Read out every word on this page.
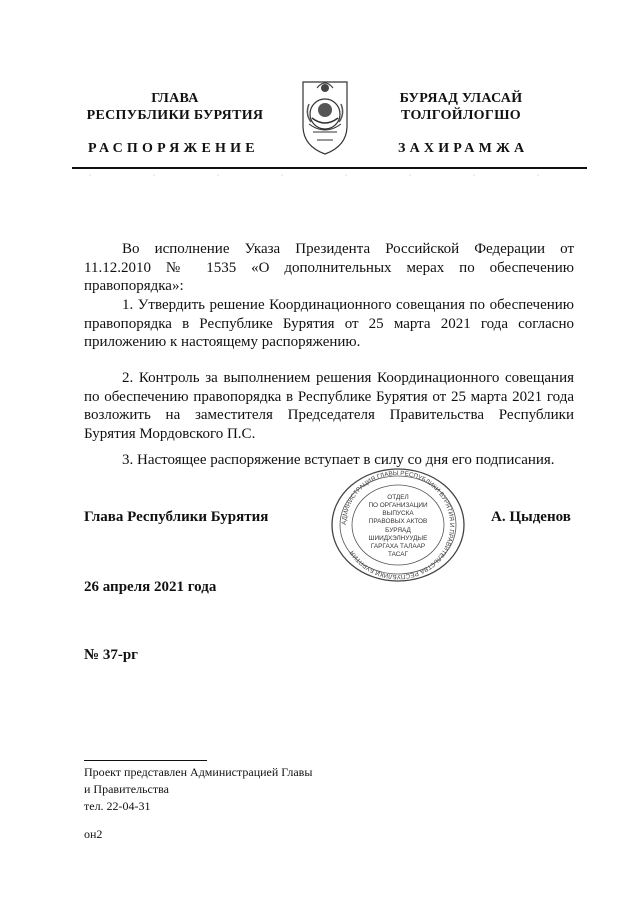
ГЛАВА
РЕСПУБЛИКИ БУРЯТИЯ
РАСПОРЯЖЕНИЕ
БУРЯАД УЛАСАЙ
ТОЛГОЙЛОГШО
ЗАХИРАМЖА
Во исполнение Указа Президента Российской Федерации от 11.12.2010 № 1535 «О дополнительных мерах по обеспечению правопорядка»:
1. Утвердить решение Координационного совещания по обеспечению правопорядка в Республике Бурятия от 25 марта 2021 года согласно приложению к настоящему распоряжению.
2. Контроль за выполнением решения Координационного совещания по обеспечению правопорядка в Республике Бурятия от 25 марта 2021 года возложить на заместителя Председателя Правительства Республики Бурятия Мордовского П.С.
3. Настоящее распоряжение вступает в силу со дня его подписания.
Глава Республики Бурятия	А. Цыденов
АДМИНИСТРАЦИЯ ГЛАВЫ РЕСПУБЛИКИ БУРЯТИЯ И ПРАВИТЕЛЬСТВА РЕСПУБЛИКИ БУРЯТИЯ
ОТДЕЛ
ПО ОРГАНИЗАЦИИ
ВЫПУСКА
ПРАВОВЫХ АКТОВ
БУРЯАД
ШИИДХЭЛНУУДЫЕ
ГАРГАХА ТАЛААР
ТАСАГ
26 апреля 2021 года
№ 37-рг
Проект представлен Администрацией Главы
и Правительства
тел. 22-04-31
он2
